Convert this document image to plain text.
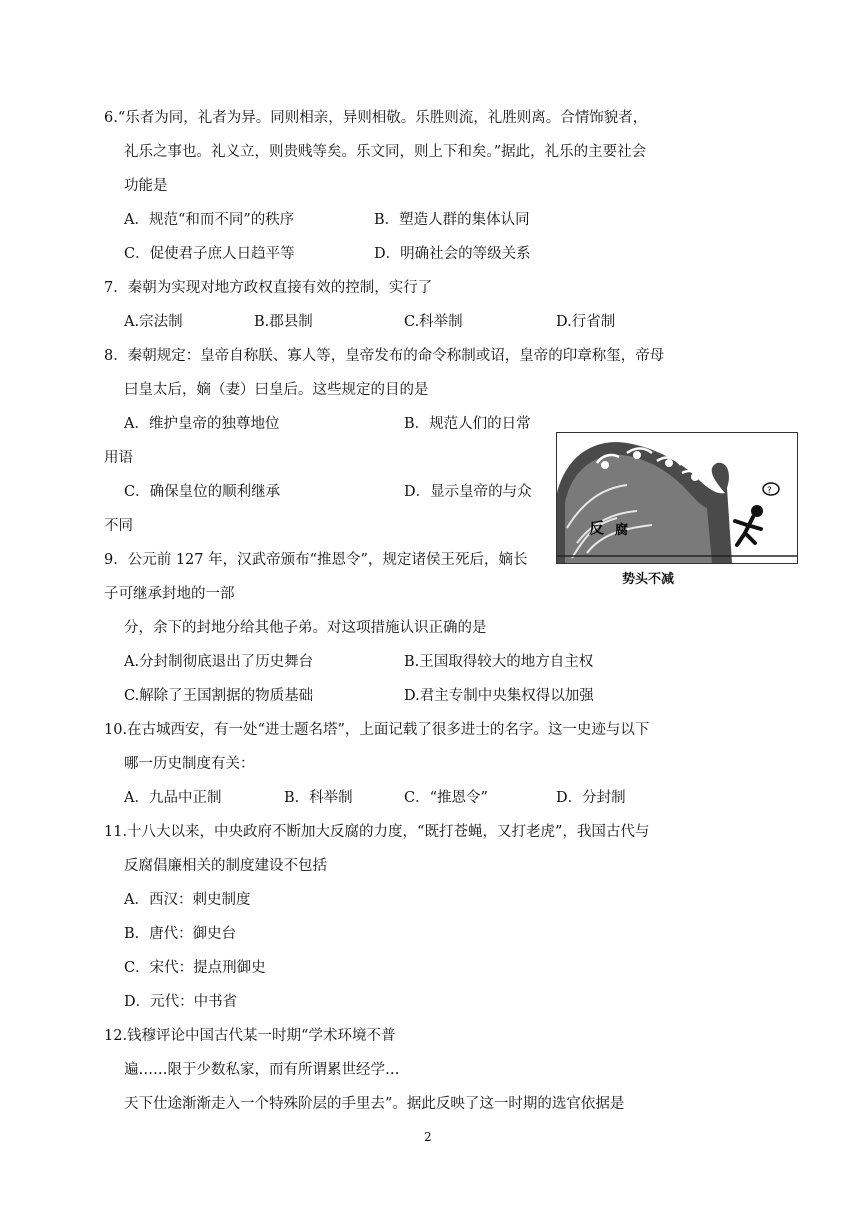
6.“乐者为同，礼者为异。同则相亲，异则相敬。乐胜则流，礼胜则离。合情饰貌者，
礼乐之事也。礼义立，则贵贱等矣。乐文同，则上下和矣。”据此，礼乐的主要社会
功能是
A．规范“和而不同”的秩序	B．塑造人群的集体认同
C．促使君子庶人日趋平等	D．明确社会的等级关系
7．秦朝为实现对地方政权直接有效的控制，实行了
A.宗法制	B.郡县制	C.科举制	D.行省制
8．秦朝规定：皇帝自称朕、寡人等，皇帝发布的命令称制或诏，皇帝的印章称玺，帝母
曰皇太后，嫡（妻）曰皇后。这些规定的目的是
A．维护皇帝的独尊地位	B．规范人们的日常
用语
C．确保皇位的顺利继承	D．显示皇帝的与众
不同
?
反 腐
势头不减
9．公元前 127 年，汉武帝颁布“推恩令”，规定诸侯王死后，嫡长
子可继承封地的一部
分，余下的封地分给其他子弟。对这项措施认识正确的是
A.分封制彻底退出了历史舞台	B.王国取得较大的地方自主权
C.解除了王国割据的物质基础	D.君主专制中央集权得以加强
10.在古城西安，有一处“进士题名塔”，上面记载了很多进士的名字。这一史迹与以下
哪一历史制度有关：
A．九品中正制	B．科举制	C．“推恩令”	D．分封制
11.十八大以来，中央政府不断加大反腐的力度，“既打苍蝇，又打老虎”，我国古代与
反腐倡廉相关的制度建设不包括
A．西汉：刺史制度
B．唐代：御史台
C．宋代：提点刑御史
D．元代：中书省
12.钱穆评论中国古代某一时期“学术环境不普
遍……限于少数私家，而有所谓累世经学…
天下仕途渐渐走入一个特殊阶层的手里去”。据此反映了这一时期的选官依据是
2
